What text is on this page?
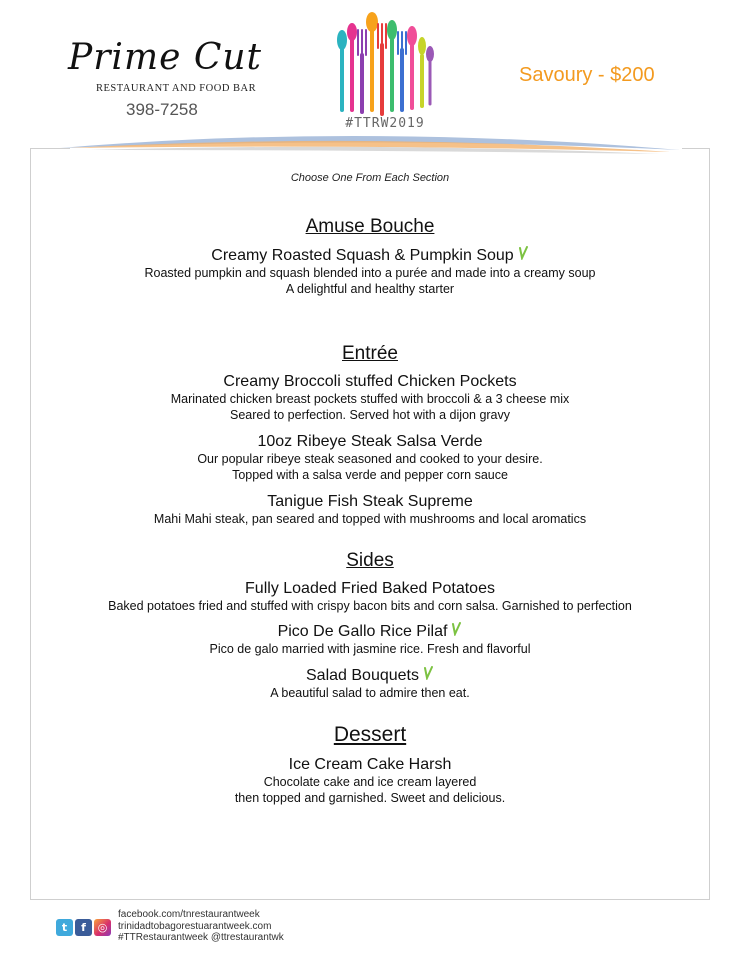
Prime Cut
RESTAURANT AND FOOD BAR
398-7258
#TTRW2019
Savoury - $200
Choose One From Each Section
Amuse Bouche
Creamy Roasted Squash & Pumpkin Soup
Roasted pumpkin and squash blended into a purée and made into a creamy soup
A delightful and healthy starter
Entrée
Creamy Broccoli stuffed Chicken Pockets
Marinated chicken breast pockets stuffed with broccoli & a 3 cheese mix
Seared to perfection. Served hot with a dijon gravy
10oz Ribeye Steak Salsa Verde
Our popular ribeye steak seasoned and cooked to your desire.
Topped with a salsa verde and pepper corn sauce
Tanigue Fish Steak Supreme
Mahi Mahi steak, pan seared and topped with mushrooms and local aromatics
Sides
Fully Loaded Fried Baked Potatoes
Baked potatoes fried and stuffed with crispy bacon bits and corn salsa. Garnished to perfection
Pico De Gallo Rice Pilaf
Pico de galo married with jasmine rice. Fresh and flavorful
Salad Bouquets
A beautiful salad to admire then eat.
Dessert
Ice Cream Cake Harsh
Chocolate cake and ice cream layered
then topped and garnished. Sweet and delicious.
t	f	◎
facebook.com/tnrestaurantweek
trinidadtobagorestuarantweek.com
#TTRestaurantweek @ttrestaurantwk
